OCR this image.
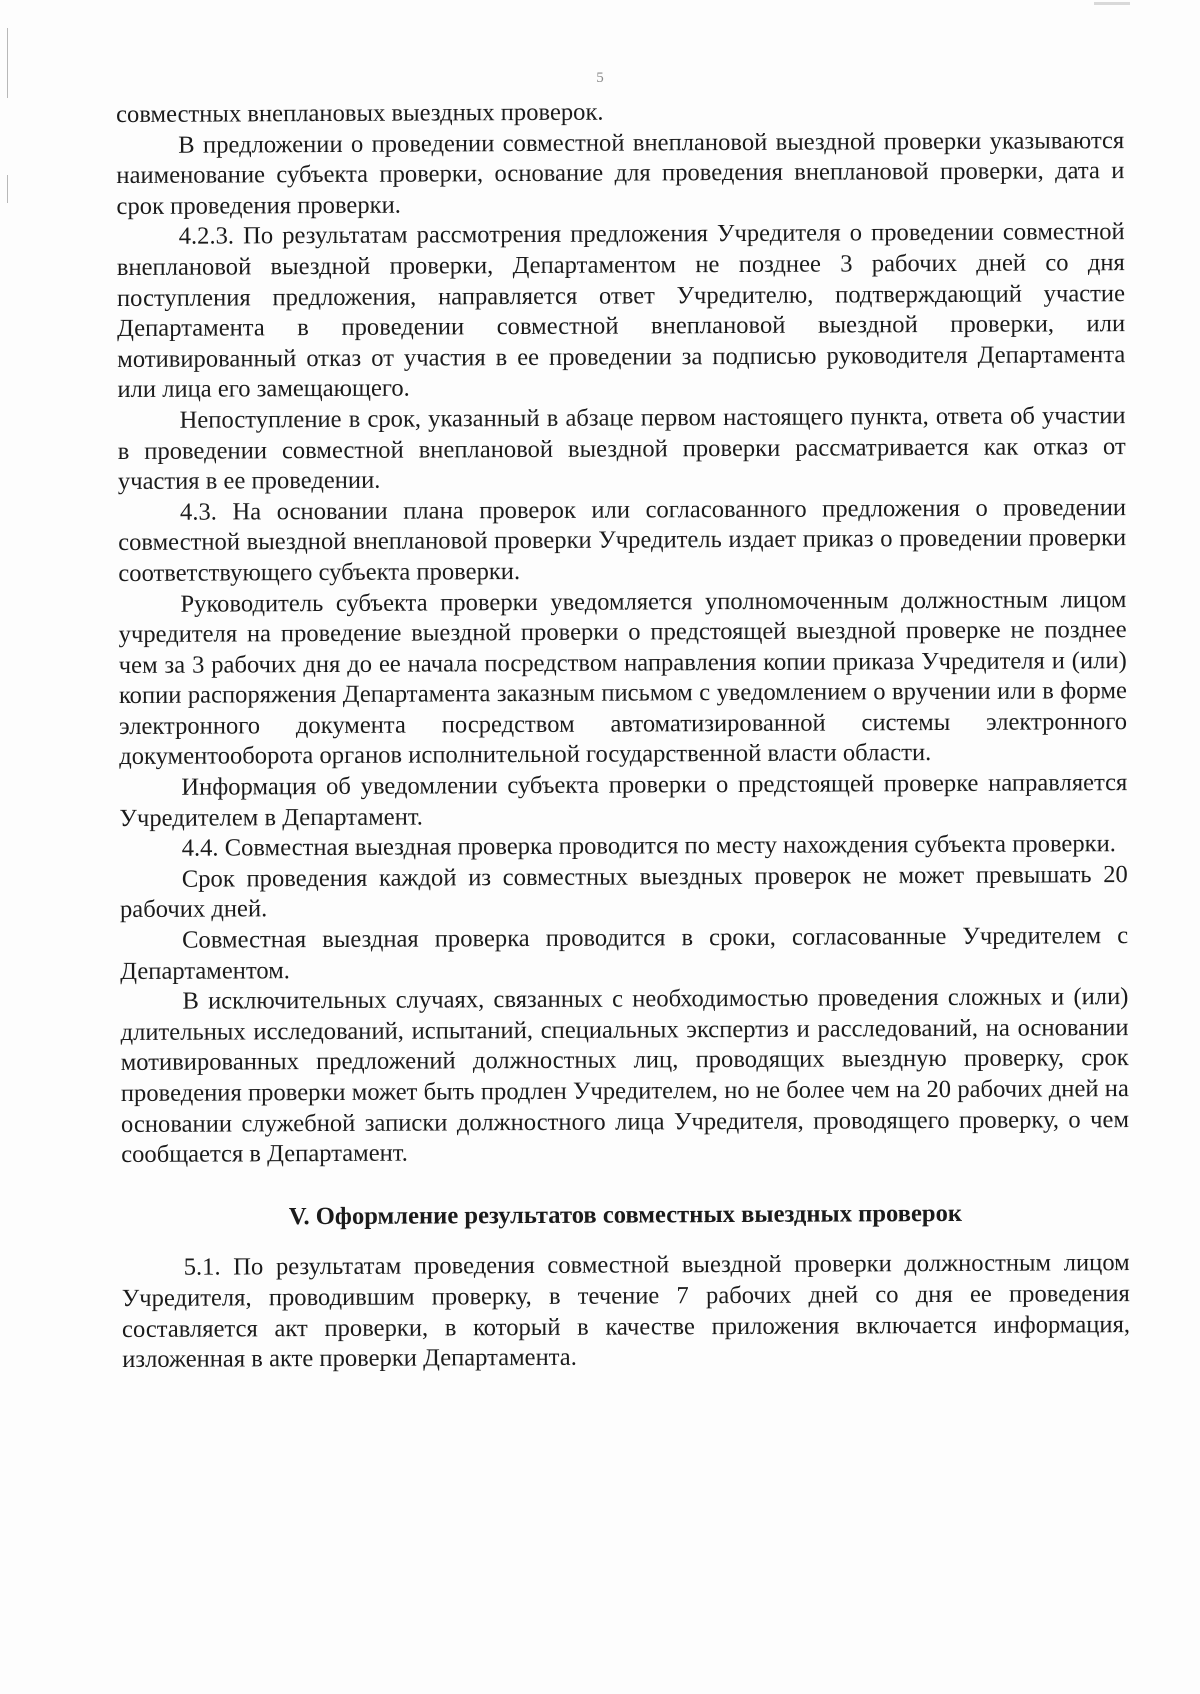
5

совместных внеплановых выездных проверок.

В предложении о проведении совместной внеплановой выездной проверки указываются наименование субъекта проверки, основание для проведения внеплановой проверки, дата и срок проведения проверки.

4.2.3. По результатам рассмотрения предложения Учредителя о проведении совместной внеплановой выездной проверки, Департаментом не позднее 3 рабочих дней со дня поступления предложения, направляется ответ Учредителю, подтверждающий участие Департамента в проведении совместной внеплановой выездной проверки, или мотивированный отказ от участия в ее проведении за подписью руководителя Департамента или лица его замещающего.

Непоступление в срок, указанный в абзаце первом настоящего пункта, ответа об участии в проведении совместной внеплановой выездной проверки рассматривается как отказ от участия в ее проведении.

4.3. На основании плана проверок или согласованного предложения о проведении совместной выездной внеплановой проверки Учредитель издает приказ о проведении проверки соответствующего субъекта проверки.

Руководитель субъекта проверки уведомляется уполномоченным должностным лицом учредителя на проведение выездной проверки о предстоящей выездной проверке не позднее чем за 3 рабочих дня до ее начала посредством направления копии приказа Учредителя и (или) копии распоряжения Департамента заказным письмом с уведомлением о вручении или в форме электронного документа посредством автоматизированной системы электронного документооборота органов исполнительной государственной власти области.

Информация об уведомлении субъекта проверки о предстоящей проверке направляется Учредителем в Департамент.

4.4. Совместная выездная проверка проводится по месту нахождения субъекта проверки.

Срок проведения каждой из совместных выездных проверок не может превышать 20 рабочих дней.

Совместная выездная проверка проводится в сроки, согласованные Учредителем с Департаментом.

В исключительных случаях, связанных с необходимостью проведения сложных и (или) длительных исследований, испытаний, специальных экспертиз и расследований, на основании мотивированных предложений должностных лиц, проводящих выездную проверку, срок проведения проверки может быть продлен Учредителем, но не более чем на 20 рабочих дней на основании служебной записки должностного лица Учредителя, проводящего проверку, о чем сообщается в Департамент.

V. Оформление результатов совместных выездных проверок

5.1. По результатам проведения совместной выездной проверки должностным лицом Учредителя, проводившим проверку, в течение 7 рабочих дней со дня ее проведения составляется акт проверки, в который в качестве приложения включается информация, изложенная в акте проверки Департамента.
